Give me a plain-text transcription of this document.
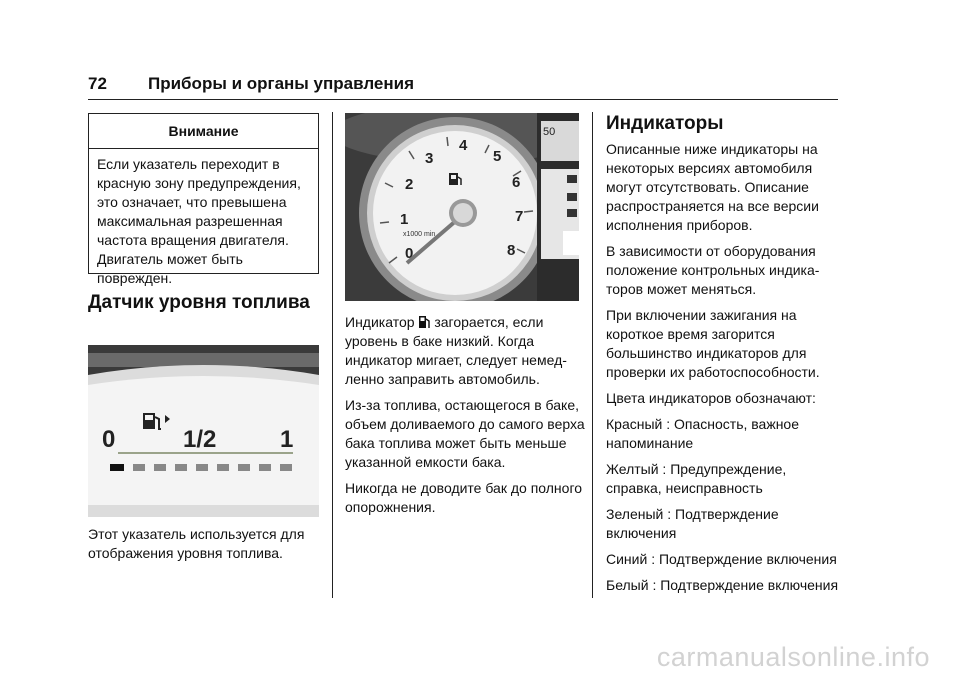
72 Приборы и органы управления
Внимание
Если указатель переходит в красную зону предупреждения, это означает, что превышена максимальная разрешенная частота вращения двигателя. Двигатель может быть поврежден.
Датчик уровня топлива
0	1/2	1

Этот указатель используется для отображения уровня топлива.

0
1
2
3
4
5
6
7
8
x1000 min
50

Индикатор загорается, если уровень в баке низкий. Когда индикатор мигает, следует немед-ленно заправить автомобиль.

Из-за топлива, остающегося в баке, объем доливаемого до самого верха бака топлива может быть меньше указанной емкости бака.

Никогда не доводите бак до полного опорожнения.

Индикаторы

Описанные ниже индикаторы на некоторых версиях автомобиля могут отсутствовать. Описание распространяется на все версии исполнения приборов.

В зависимости от оборудования положение контрольных индика-торов может меняться.

При включении зажигания на короткое время загорится большинство индикаторов для проверки их работоспособности.

Цвета индикаторов обозначают:

Красный : Опасность, важное напоминание

Желтый : Предупреждение, справка, неисправность

Зеленый : Подтверждение включения

Синий : Подтверждение включения

Белый : Подтверждение включения

carmanualsonline.info
